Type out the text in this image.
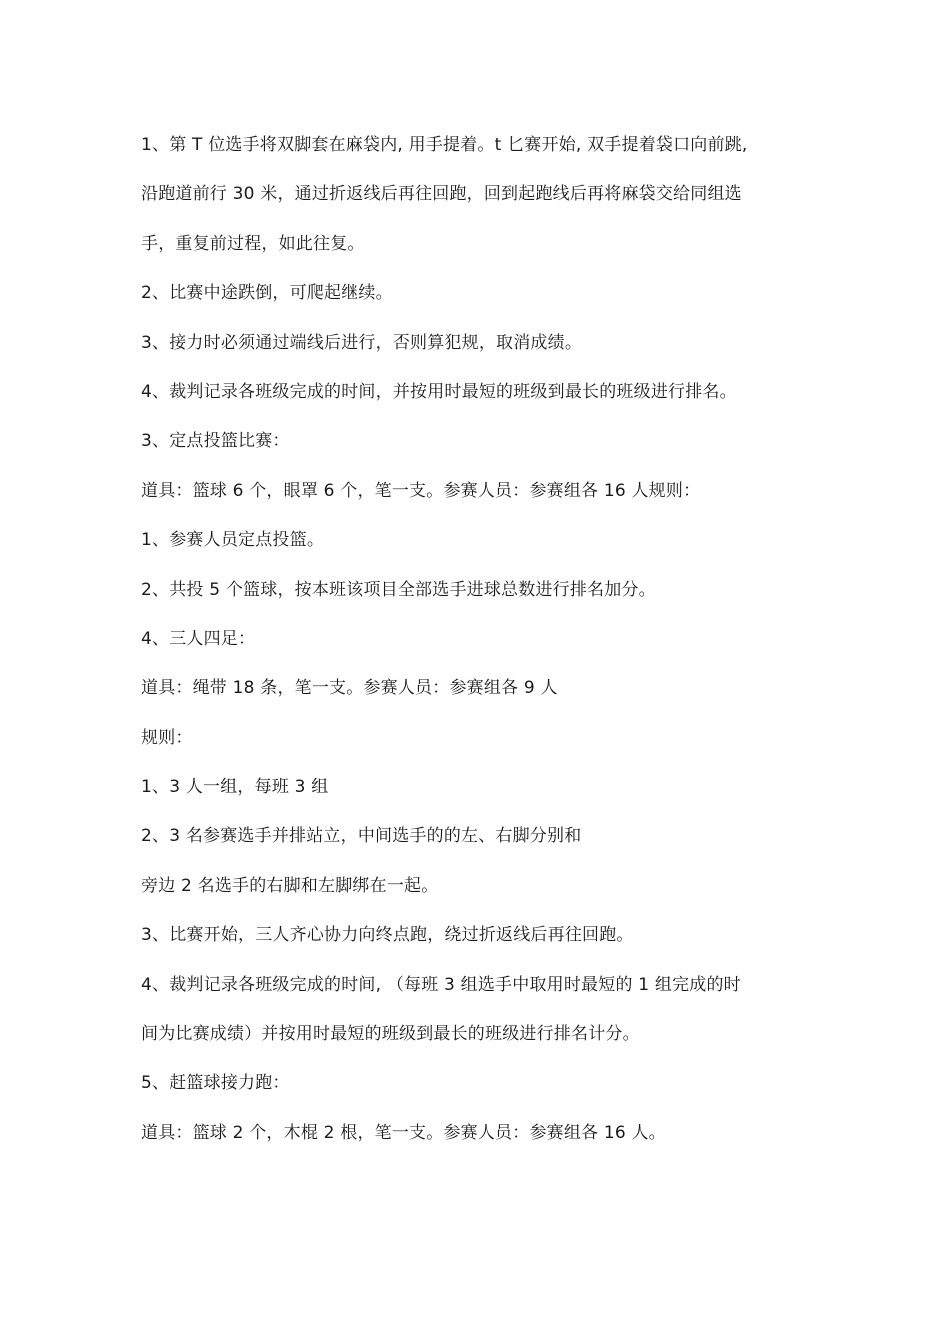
1、第 T 位选手将双脚套在麻袋内, 用手提着。t 匕赛开始, 双手提着袋口向前跳,
沿跑道前行 30 米，通过折返线后再往回跑，回到起跑线后再将麻袋交给同组选
手，重复前过程，如此往复。
2、比赛中途跌倒，可爬起继续。
3、接力时必须通过端线后进行，否则算犯规，取消成绩。
4、裁判记录各班级完成的时间，并按用时最短的班级到最长的班级进行排名。
3、定点投篮比赛：
道具：篮球 6 个，眼罩 6 个，笔一支。参赛人员：参赛组各 16 人规则：
1、参赛人员定点投篮。
2、共投 5 个篮球，按本班该项目全部选手进球总数进行排名加分。
4、三人四足：
道具：绳带 18 条，笔一支。参赛人员：参赛组各 9 人
规则：
1、3 人一组，每班 3 组
2、3 名参赛选手并排站立，中间选手的的左、右脚分别和
旁边 2 名选手的右脚和左脚绑在一起。
3、比赛开始，三人齐心协力向终点跑，绕过折返线后再往回跑。
4、裁判记录各班级完成的时间, （每班 3 组选手中取用时最短的 1 组完成的时
间为比赛成绩）并按用时最短的班级到最长的班级进行排名计分。
5、赶篮球接力跑：
道具：篮球 2 个，木棍 2 根，笔一支。参赛人员：参赛组各 16 人。
